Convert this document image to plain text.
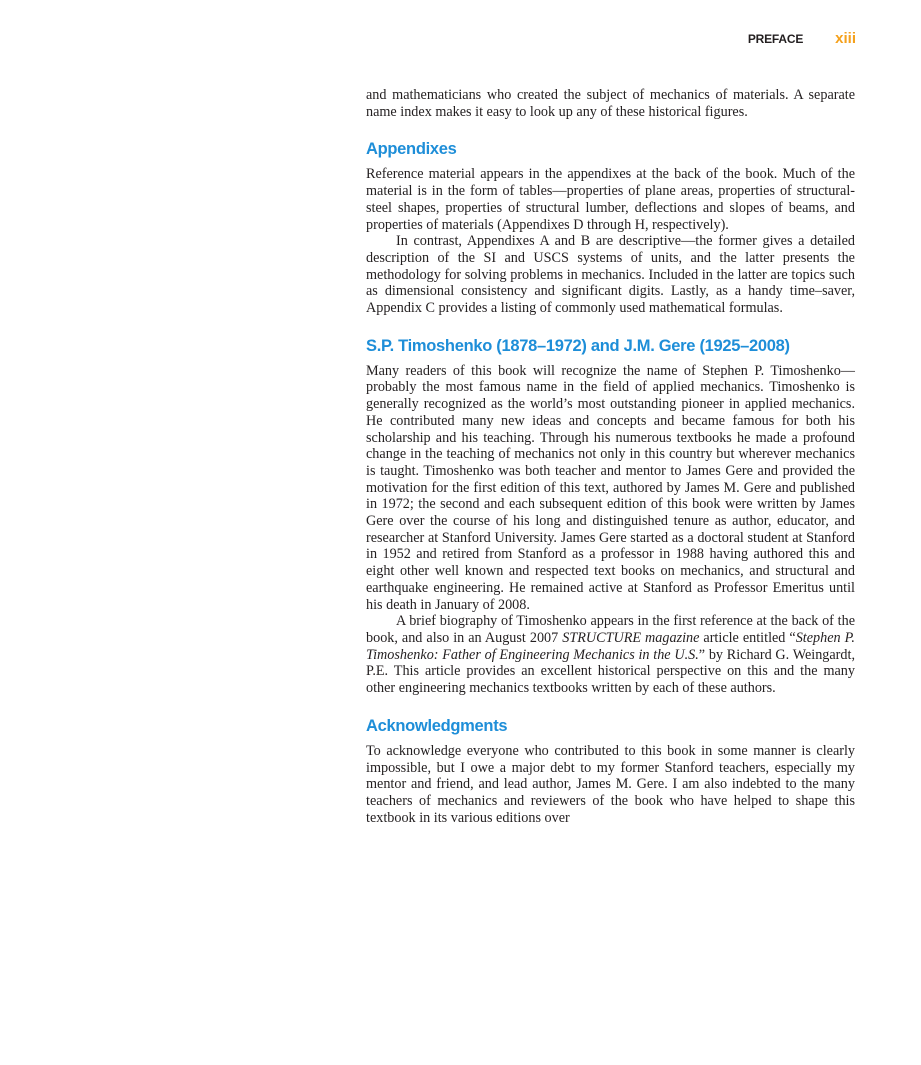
PREFACE xiii

and mathematicians who created the subject of mechanics of materials. A separate name index makes it easy to look up any of these historical figures.

Appendixes

Reference material appears in the appendixes at the back of the book. Much of the material is in the form of tables—properties of plane areas, properties of structural-steel shapes, properties of structural lumber, deflections and slopes of beams, and properties of materials (Appendixes D through H, respectively).

In contrast, Appendixes A and B are descriptive—the former gives a detailed description of the SI and USCS systems of units, and the latter presents the methodology for solving problems in mechanics. Included in the latter are topics such as dimensional consistency and significant digits. Lastly, as a handy time–saver, Appendix C provides a listing of commonly used mathematical formulas.

S.P. Timoshenko (1878–1972) and J.M. Gere (1925–2008)

Many readers of this book will recognize the name of Stephen P. Timoshenko—probably the most famous name in the field of applied mechanics. Timoshenko is generally recognized as the world’s most outstanding pioneer in applied mechanics. He contributed many new ideas and concepts and became famous for both his scholarship and his teaching. Through his numerous textbooks he made a profound change in the teaching of mechanics not only in this country but wherever mechanics is taught. Timoshenko was both teacher and mentor to James Gere and provided the motivation for the first edition of this text, authored by James M. Gere and published in 1972; the second and each subsequent edition of this book were written by James Gere over the course of his long and distinguished tenure as author, educator, and researcher at Stanford University. James Gere started as a doctoral student at Stanford in 1952 and retired from Stanford as a professor in 1988 having authored this and eight other well known and respected text books on mechanics, and structural and earthquake engineering. He remained active at Stanford as Professor Emeritus until his death in January of 2008.

A brief biography of Timoshenko appears in the first reference at the back of the book, and also in an August 2007 STRUCTURE magazine article entitled “Stephen P. Timoshenko: Father of Engineering Mechanics in the U.S.” by Richard G. Weingardt, P.E. This article provides an excellent historical perspective on this and the many other engineering mechanics textbooks written by each of these authors.

Acknowledgments

To acknowledge everyone who contributed to this book in some manner is clearly impossible, but I owe a major debt to my former Stanford teachers, especially my mentor and friend, and lead author, James M. Gere. I am also indebted to the many teachers of mechanics and reviewers of the book who have helped to shape this textbook in its various editions over
